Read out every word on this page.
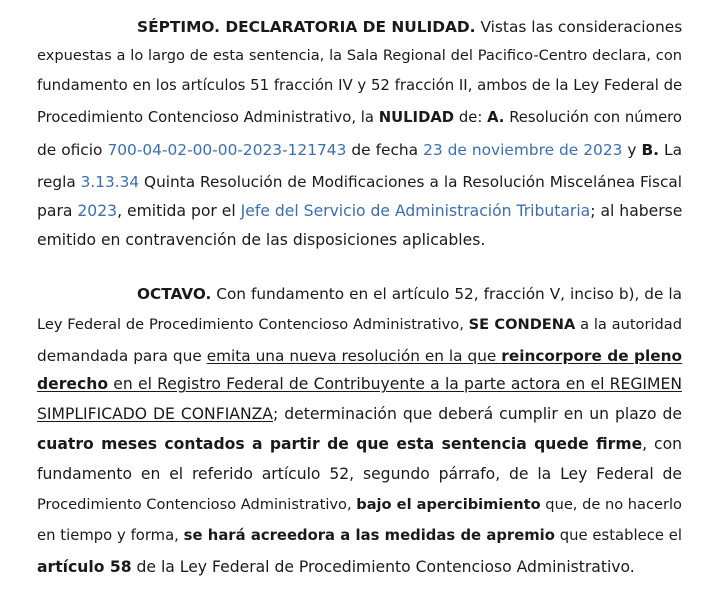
SÉPTIMO. DECLARATORIA DE NULIDAD. Vistas las consideraciones
expuestas a lo largo de esta sentencia, la Sala Regional del Pacifico-Centro declara, con
fundamento en los artículos 51 fracción IV y 52 fracción II, ambos de la Ley Federal de
Procedimiento Contencioso Administrativo, la NULIDAD de: A. Resolución con número
de oficio 700-04-02-00-00-2023-121743 de fecha 23 de noviembre de 2023 y B. La
regla 3.13.34 Quinta Resolución de Modificaciones a la Resolución Miscelánea Fiscal
para 2023, emitida por el Jefe del Servicio de Administración Tributaria; al haberse
emitido en contravención de las disposiciones aplicables.
OCTAVO. Con fundamento en el artículo 52, fracción V, inciso b), de la
Ley Federal de Procedimiento Contencioso Administrativo, SE CONDENA a la autoridad
demandada para que emita una nueva resolución en la que reincorpore de pleno
derecho en el Registro Federal de Contribuyente a la parte actora en el REGIMEN
SIMPLIFICADO DE CONFIANZA; determinación que deberá cumplir en un plazo de
cuatro meses contados a partir de que esta sentencia quede firme, con
fundamento en el referido artículo 52, segundo párrafo, de la Ley Federal de
Procedimiento Contencioso Administrativo, bajo el apercibimiento que, de no hacerlo
en tiempo y forma, se hará acreedora a las medidas de apremio que establece el
artículo 58 de la Ley Federal de Procedimiento Contencioso Administrativo.
